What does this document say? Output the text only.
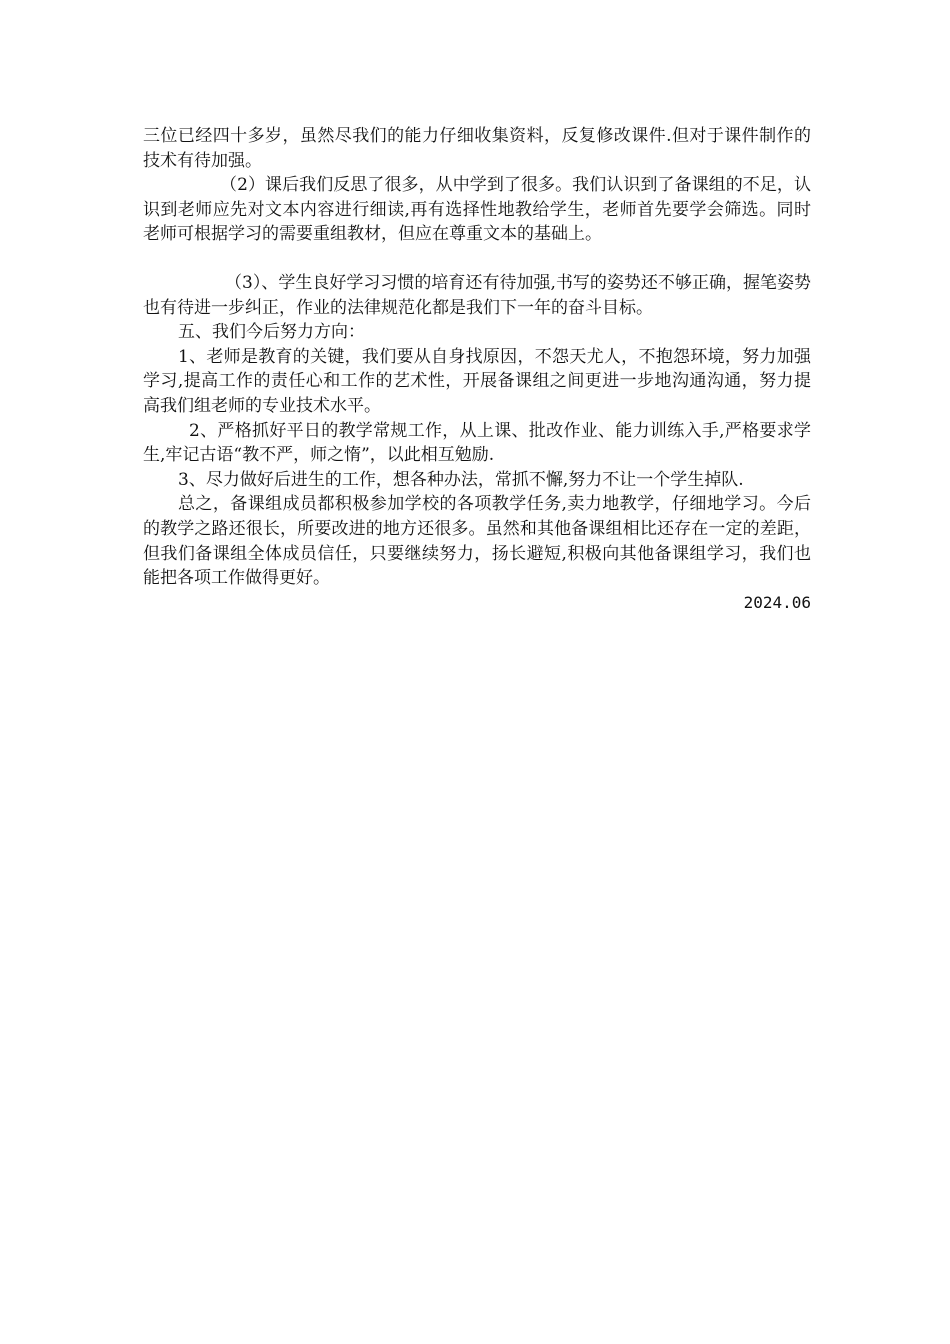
三位已经四十多岁，虽然尽我们的能力仔细收集资料，反复修改课件.但对于课件制作的技术有待加强。

（2）课后我们反思了很多，从中学到了很多。我们认识到了备课组的不足，认识到老师应先对文本内容进行细读,再有选择性地教给学生，老师首先要学会筛选。同时老师可根据学习的需要重组教材，但应在尊重文本的基础上。

（3）、学生良好学习习惯的培育还有待加强,书写的姿势还不够正确，握笔姿势也有待进一步纠正，作业的法律规范化都是我们下一年的奋斗目标。

五、我们今后努力方向：

1、老师是教育的关键，我们要从自身找原因，不怨天尤人，不抱怨环境，努力加强学习,提高工作的责任心和工作的艺术性，开展备课组之间更进一步地沟通沟通，努力提高我们组老师的专业技术水平。

2、严格抓好平日的教学常规工作，从上课、批改作业、能力训练入手,严格要求学生,牢记古语“教不严，师之惰”，以此相互勉励.

3、尽力做好后进生的工作，想各种办法，常抓不懈,努力不让一个学生掉队.

总之，备课组成员都积极参加学校的各项教学任务,卖力地教学，仔细地学习。今后的教学之路还很长，所要改进的地方还很多。虽然和其他备课组相比还存在一定的差距，但我们备课组全体成员信任，只要继续努力，扬长避短,积极向其他备课组学习，我们也能把各项工作做得更好。

2024.06
